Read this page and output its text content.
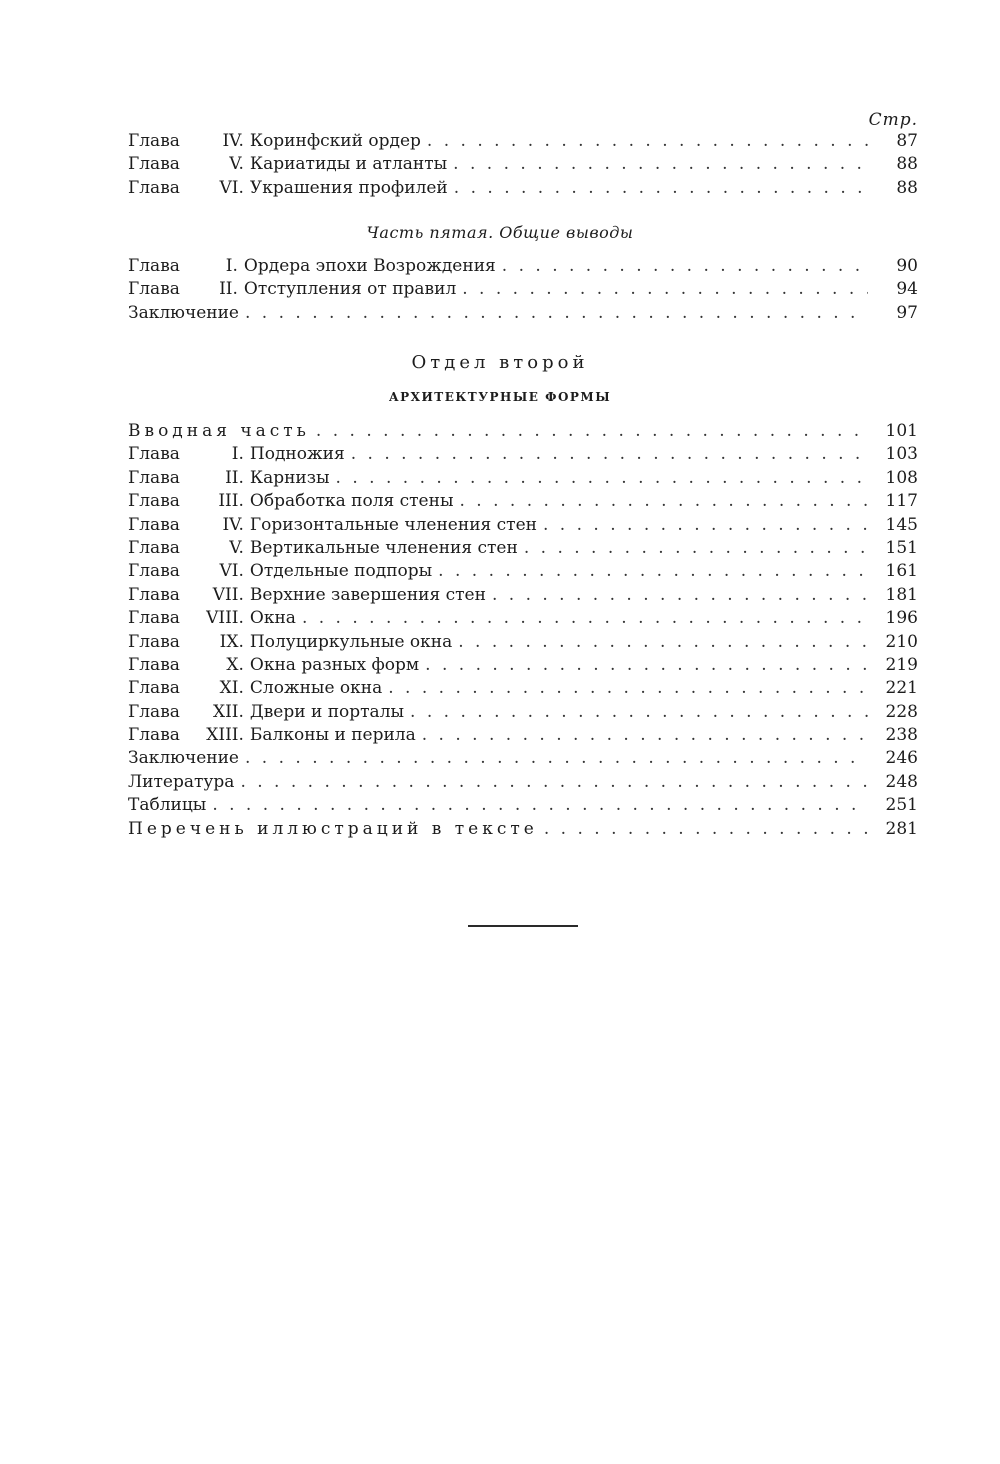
Стр.
Глава	IV. Коринфский ордер . . .	87
Глава	V. Кариатиды и атланты . . .	88
Глава	VI. Украшения профилей . . .	88
Часть пятая. Общие выводы
Глава	I. Ордера эпохи Возрождения . . .	90
Глава	II. Отступления от правил . . .	94
Заключение . . .	97
Отдел второй
АРХИТЕКТУРНЫЕ ФОРМЫ
Вводная часть . . .	101
Глава	I. Подножия . . .	103
Глава	II. Карнизы . . .	108
Глава	III. Обработка поля стены . . .	117
Глава	IV. Горизонтальные членения стен . . .	145
Глава	V. Вертикальные членения стен . . .	151
Глава	VI. Отдельные подпоры . . .	161
Глава	VII. Верхние завершения стен . . .	181
Глава	VIII. Окна . . .	196
Глава	IX. Полуциркульные окна . . .	210
Глава	X. Окна разных форм . . .	219
Глава	XI. Сложные окна . . .	221
Глава	XII. Двери и порталы . . .	228
Глава	XIII. Балконы и перила . . .	238
Заключение . . .	246
Литература . . .	248
Таблицы . . .	251
Перечень иллюстраций в тексте . . .	281
